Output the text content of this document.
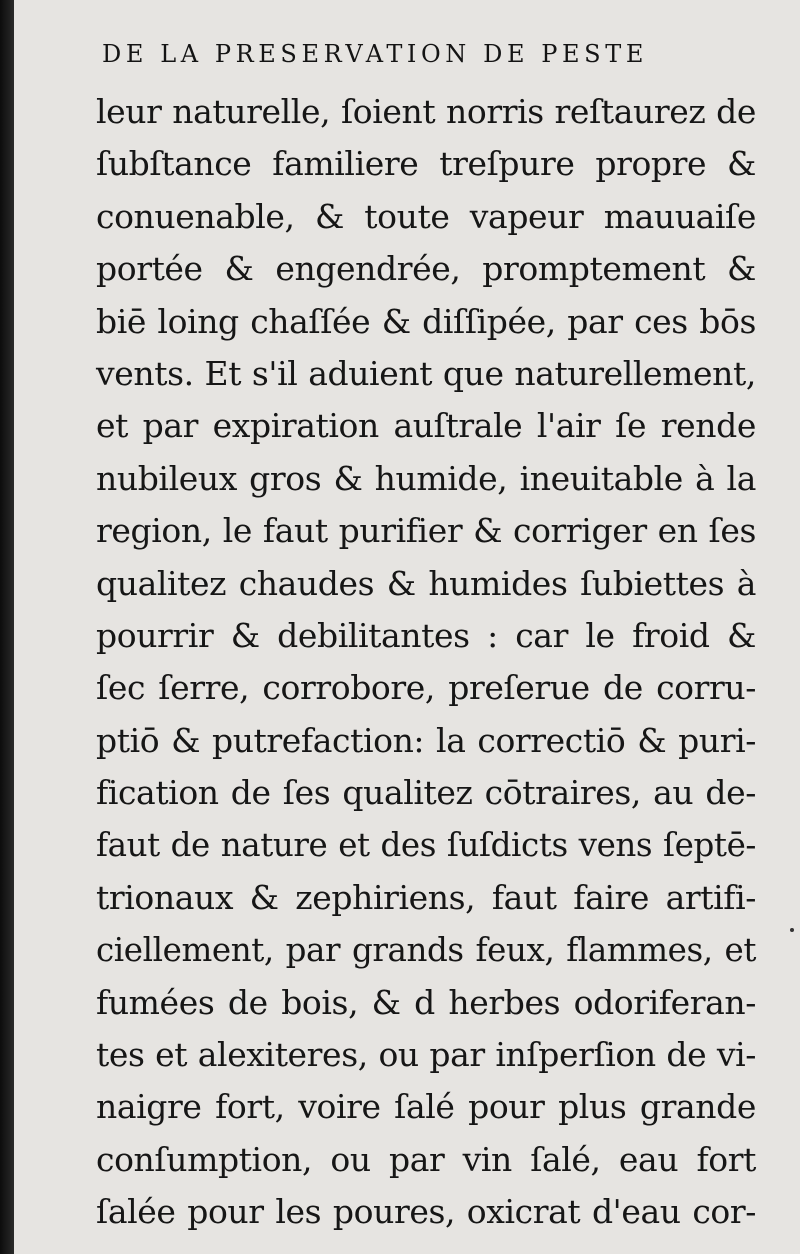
DE LA PRESERVATION DE PESTE
leur naturelle, ſoient norris reſtaurez de
ſubſtance familiere treſpure propre &
conuenable, & toute vapeur mauuaiſe
portée & engendrée, promptement &
biē loing chaſſée & diſſipée, par ces bōs
vents. Et s'il aduient que naturellement,
et par expiration auſtrale l'air ſe rende
nubileux gros & humide, ineuitable à la
region, le faut purifier & corriger en ſes
qualitez chaudes & humides ſubiettes à
pourrir & debilitantes : car le froid &
ſec ſerre, corrobore, preſerue de corru-
ptiō & putrefaction: la correctiō & puri-
fication de ſes qualitez cōtraires, au de-
faut de nature et des ſuſdicts vens ſeptē-
trionaux & zephiriens, faut faire artifi-
ciellement, par grands feux, flammes, et
fumées de bois, & d herbes odoriferan-
tes et alexiteres, ou par inſperſion de vi-
naigre fort, voire ſalé pour plus grande
conſumption, ou par vin ſalé, eau fort
ſalée pour les poures, oxicrat d'eau cor-
